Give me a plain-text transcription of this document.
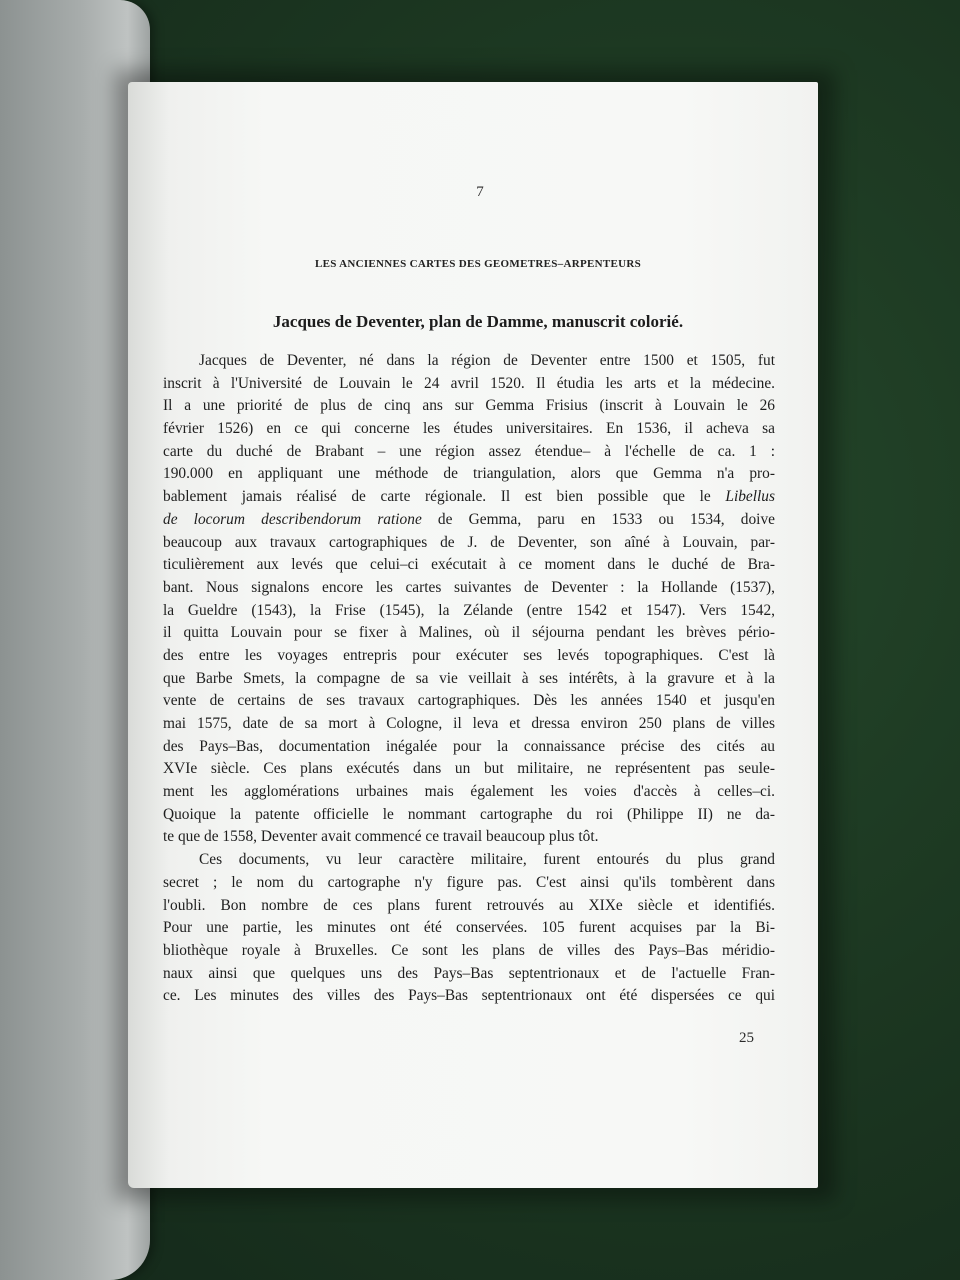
7
LES ANCIENNES CARTES DES GEOMETRES–ARPENTEURS
Jacques de Deventer, plan de Damme, manuscrit colorié.
Jacques de Deventer, né dans la région de Deventer entre 1500 et 1505, fut
inscrit à l'Université de Louvain le 24 avril 1520. Il étudia les arts et la médecine.
Il a une priorité de plus de cinq ans sur Gemma Frisius (inscrit à Louvain le 26
février 1526) en ce qui concerne les études universitaires. En 1536, il acheva sa
carte du duché de Brabant – une région assez étendue– à l'échelle de ca. 1 :
190.000 en appliquant une méthode de triangulation, alors que Gemma n'a pro-
bablement jamais réalisé de carte régionale. Il est bien possible que le Libellus
de locorum describendorum ratione de Gemma, paru en 1533 ou 1534, doive
beaucoup aux travaux cartographiques de J. de Deventer, son aîné à Louvain, par-
ticulièrement aux levés que celui–ci exécutait à ce moment dans le duché de Bra-
bant. Nous signalons encore les cartes suivantes de Deventer : la Hollande (1537),
la Gueldre (1543), la Frise (1545), la Zélande (entre 1542 et 1547). Vers 1542,
il quitta Louvain pour se fixer à Malines, où il séjourna pendant les brèves pério-
des entre les voyages entrepris pour exécuter ses levés topographiques. C'est là
que Barbe Smets, la compagne de sa vie veillait à ses intérêts, à la gravure et à la
vente de certains de ses travaux cartographiques. Dès les années 1540 et jusqu'en
mai 1575, date de sa mort à Cologne, il leva et dressa environ 250 plans de villes
des Pays–Bas, documentation inégalée pour la connaissance précise des cités au
XVIe siècle. Ces plans exécutés dans un but militaire, ne représentent pas seule-
ment les agglomérations urbaines mais également les voies d'accès à celles–ci.
Quoique la patente officielle le nommant cartographe du roi (Philippe II) ne da-
te que de 1558, Deventer avait commencé ce travail beaucoup plus tôt.
Ces documents, vu leur caractère militaire, furent entourés du plus grand
secret ; le nom du cartographe n'y figure pas. C'est ainsi qu'ils tombèrent dans
l'oubli. Bon nombre de ces plans furent retrouvés au XIXe siècle et identifiés.
Pour une partie, les minutes ont été conservées. 105 furent acquises par la Bi-
bliothèque royale à Bruxelles. Ce sont les plans de villes des Pays–Bas méridio-
naux ainsi que quelques uns des Pays–Bas septentrionaux et de l'actuelle Fran-
ce. Les minutes des villes des Pays–Bas septentrionaux ont été dispersées ce qui
25
